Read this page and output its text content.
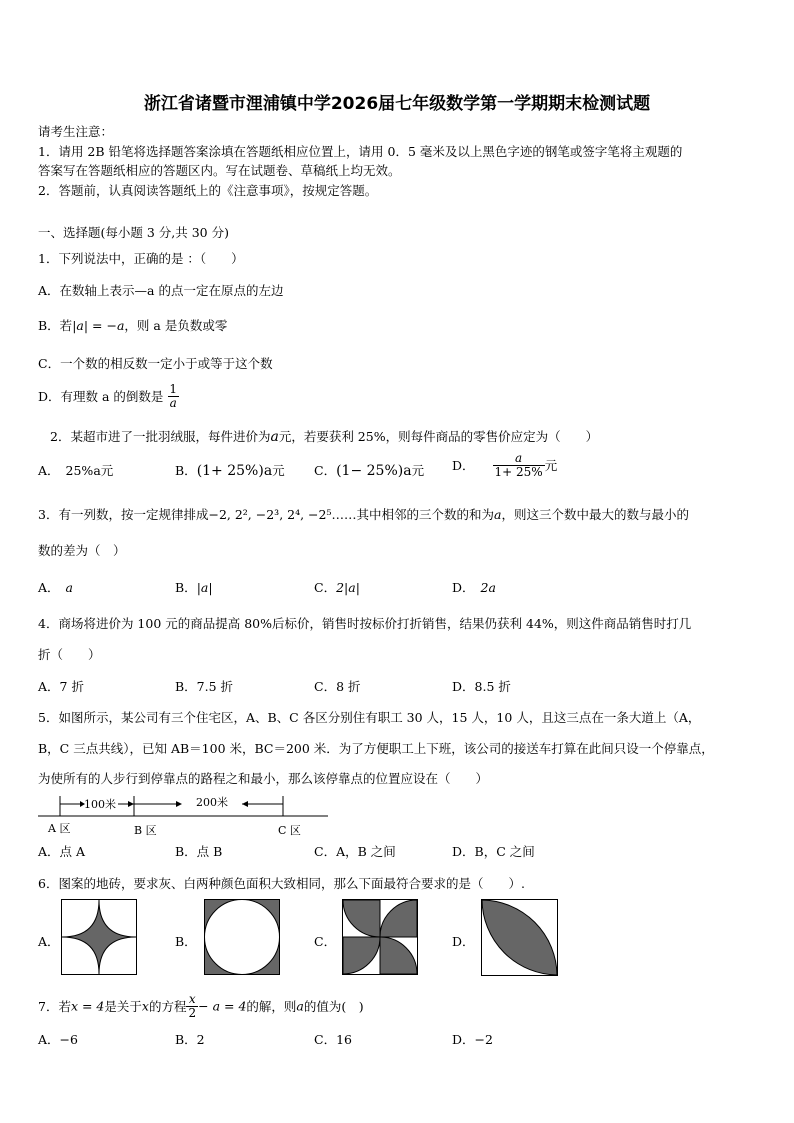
浙江省诸暨市浬浦镇中学2026届七年级数学第一学期期末检测试题
请考生注意：
1．请用 2B 铅笔将选择题答案涂填在答题纸相应位置上，请用 0．5 毫米及以上黑色字迹的钢笔或签字笔将主观题的
答案写在答题纸相应的答题区内。写在试题卷、草稿纸上均无效。
2．答题前，认真阅读答题纸上的《注意事项》，按规定答题。
一、选择题(每小题 3 分,共 30 分)
1．下列说法中，正确的是 ：（　　）
A．在数轴上表示—a 的点一定在原点的左边
B．若|a| = −a，则 a 是负数或零
C．一个数的相反数一定小于或等于这个数
D．有理数 a 的倒数是 $\frac{1}{a}$
2．某超市进了一批羽绒服，每件进价为a元，若要获利 25%，则每件商品的零售价应定为（　　）
A． 25%a元	B．(1+ 25%)a元 C．(1− 25%)a元 D． $\frac{a}{1+ 25\%}$ 元
3．有一列数，按一定规律排成−2, 2², −2³, 2⁴, −2⁵……其中相邻的三个数的和为a，则这三个数中最大的数与最小的
数的差为（　）
A． a	B．|a|	C．2|a|	D． 2a
4．商场将进价为 100 元的商品提高 80%后标价，销售时按标价打折销售，结果仍获利 44%，则这件商品销售时打几
折（　　）
A．7 折	B．7.5 折	C．8 折	D．8.5 折
5．如图所示，某公司有三个住宅区，A、B、C 各区分别住有职工 30 人，15 人，10 人，且这三点在一条大道上（A，
B，C 三点共线），已知 AB＝100 米，BC＝200 米．为了方便职工上下班，该公司的接送车打算在此间只设一个停靠点，
为使所有的人步行到停靠点的路程之和最小，那么该停靠点的位置应设在（　　）
100米	200米
A 区	B 区	C 区
A．点 A	B．点 B	C．A，B 之间	D．B，C 之间
6．图案的地砖，要求灰、白两种颜色面积大致相同，那么下面最符合要求的是（　　）.
A．	B．	C．	D．
7．若x = 4是关于x的方程 $\frac{x}{2} - a = 4$的解，则a的值为(　)
A．−6	B．2	C．16	D．−2
